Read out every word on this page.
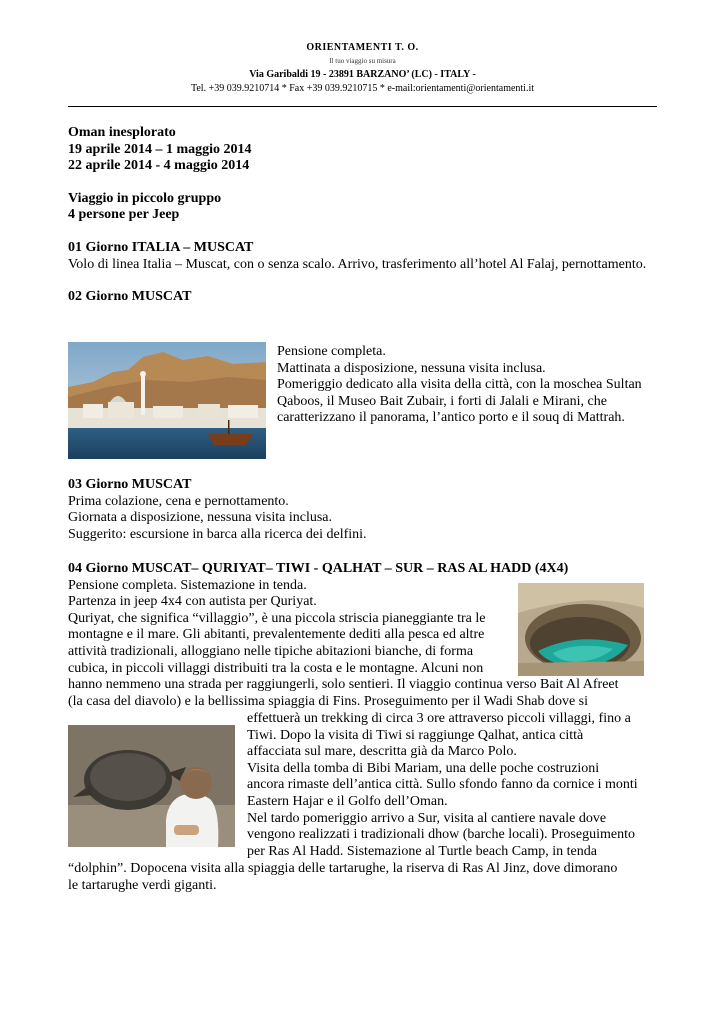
ORIENTAMENTI T. O.
Il tuo viaggio su misura
Via Garibaldi 19 - 23891 BARZANO’ (LC) - ITALY -
Tel. +39 039.9210714 * Fax +39 039.9210715 * e-mail:orientamenti@orientamenti.it

Oman inesplorato

19 aprile 2014 – 1 maggio 2014

22 aprile 2014 - 4 maggio 2014

Viaggio in piccolo gruppo

4 persone per Jeep

01 Giorno ITALIA – MUSCAT

Volo di linea Italia – Muscat, con o senza scalo. Arrivo, trasferimento all’hotel Al Falaj, pernottamento.

02 Giorno MUSCAT

Pensione completa.

Mattinata a disposizione, nessuna visita inclusa.

Pomeriggio dedicato alla visita della città, con la moschea Sultan Qaboos, il Museo Bait Zubair, i forti di Jalali e Mirani, che caratterizzano il panorama, l’antico porto e il souq di Mattrah.

03 Giorno MUSCAT

Prima colazione, cena e pernottamento.

Giornata a disposizione, nessuna visita inclusa.

Suggerito: escursione in barca alla ricerca dei delfini.

04 Giorno MUSCAT– QURIYAT– TIWI - QALHAT – SUR – RAS AL HADD (4X4)

Pensione completa. Sistemazione in tenda.

Partenza in jeep 4x4 con autista per Quriyat.

Quriyat, che significa “villaggio”, è una piccola striscia pianeggiante tra le

montagne e il mare. Gli abitanti, prevalentemente dediti alla pesca ed altre

attività tradizionali, alloggiano nelle tipiche abitazioni bianche, di forma

cubica, in piccoli villaggi distribuiti tra la costa e le montagne. Alcuni non

hanno nemmeno una strada per raggiungerli, solo sentieri. Il viaggio continua verso Bait Al Afreet

(la casa del diavolo) e la bellissima spiaggia di Fins. Proseguimento per il Wadi Shab dove si

effettuerà un trekking di circa 3 ore attraverso piccoli villaggi, fino a

Tiwi. Dopo la visita di Tiwi si raggiunge Qalhat, antica città

affacciata sul mare, descritta già da Marco Polo.

Visita della tomba di Bibi Mariam, una delle poche costruzioni

ancora rimaste dell’antica città. Sullo sfondo fanno da cornice i monti

Eastern Hajar e il Golfo dell’Oman.

Nel tardo pomeriggio arrivo a Sur, visita al cantiere navale dove

vengono realizzati i tradizionali dhow (barche locali). Proseguimento

per Ras Al Hadd. Sistemazione al Turtle beach Camp, in tenda

“dolphin”. Dopocena visita alla spiaggia delle tartarughe, la riserva di Ras Al Jinz, dove dimorano

le tartarughe verdi giganti.
